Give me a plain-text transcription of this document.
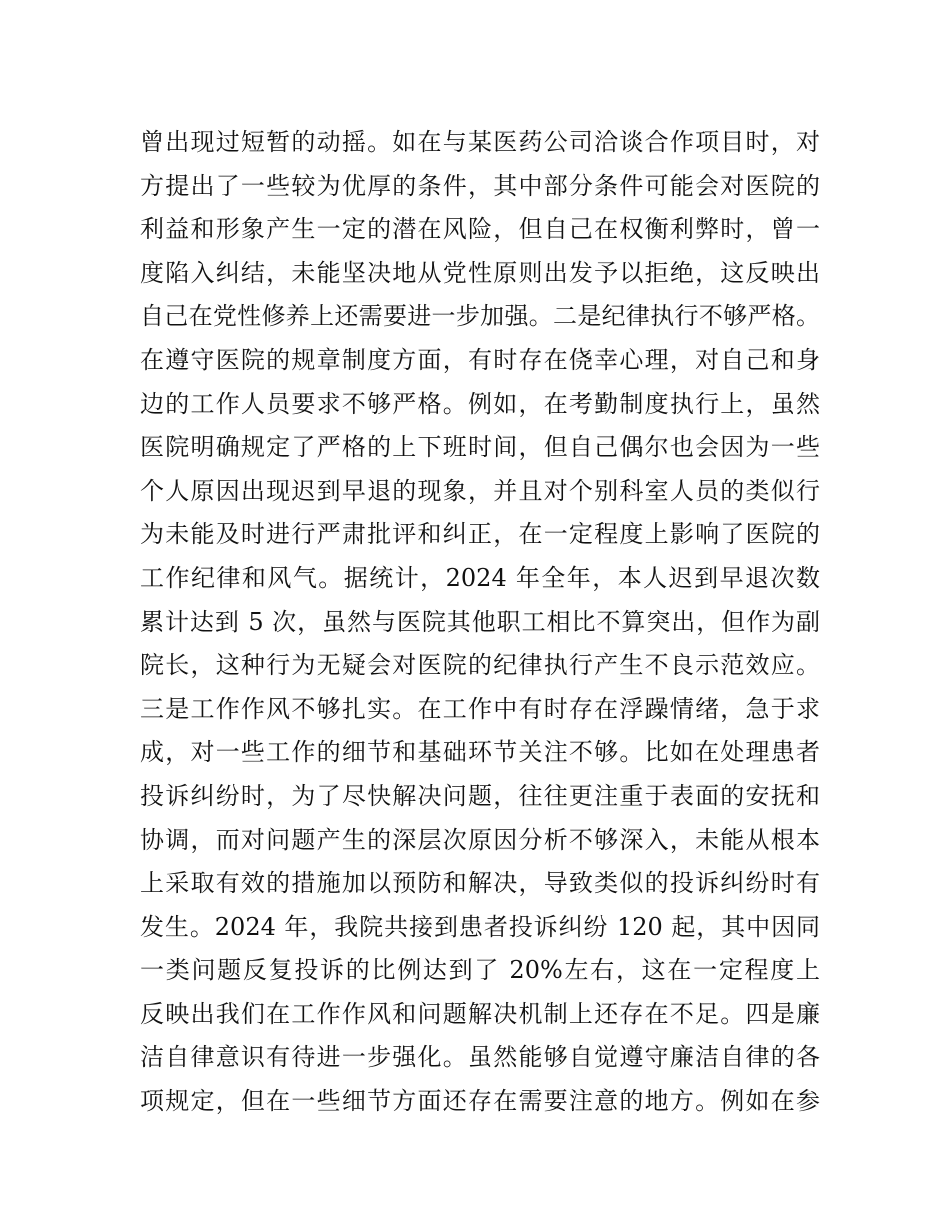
曾出现过短暂的动摇。如在与某医药公司洽谈合作项目时，对
方提出了一些较为优厚的条件，其中部分条件可能会对医院的
利益和形象产生一定的潜在风险，但自己在权衡利弊时，曾一
度陷入纠结，未能坚决地从党性原则出发予以拒绝，这反映出
自己在党性修养上还需要进一步加强。二是纪律执行不够严格。
在遵守医院的规章制度方面，有时存在侥幸心理，对自己和身
边的工作人员要求不够严格。例如，在考勤制度执行上，虽然
医院明确规定了严格的上下班时间，但自己偶尔也会因为一些
个人原因出现迟到早退的现象，并且对个别科室人员的类似行
为未能及时进行严肃批评和纠正，在一定程度上影响了医院的
工作纪律和风气。据统计，2024 年全年，本人迟到早退次数
累计达到 5 次，虽然与医院其他职工相比不算突出，但作为副
院长，这种行为无疑会对医院的纪律执行产生不良示范效应。
三是工作作风不够扎实。在工作中有时存在浮躁情绪，急于求
成，对一些工作的细节和基础环节关注不够。比如在处理患者
投诉纠纷时，为了尽快解决问题，往往更注重于表面的安抚和
协调，而对问题产生的深层次原因分析不够深入，未能从根本
上采取有效的措施加以预防和解决，导致类似的投诉纠纷时有
发生。2024 年，我院共接到患者投诉纠纷 120 起，其中因同
一类问题反复投诉的比例达到了 20%左右，这在一定程度上
反映出我们在工作作风和问题解决机制上还存在不足。四是廉
洁自律意识有待进一步强化。虽然能够自觉遵守廉洁自律的各
项规定，但在一些细节方面还存在需要注意的地方。例如在参
